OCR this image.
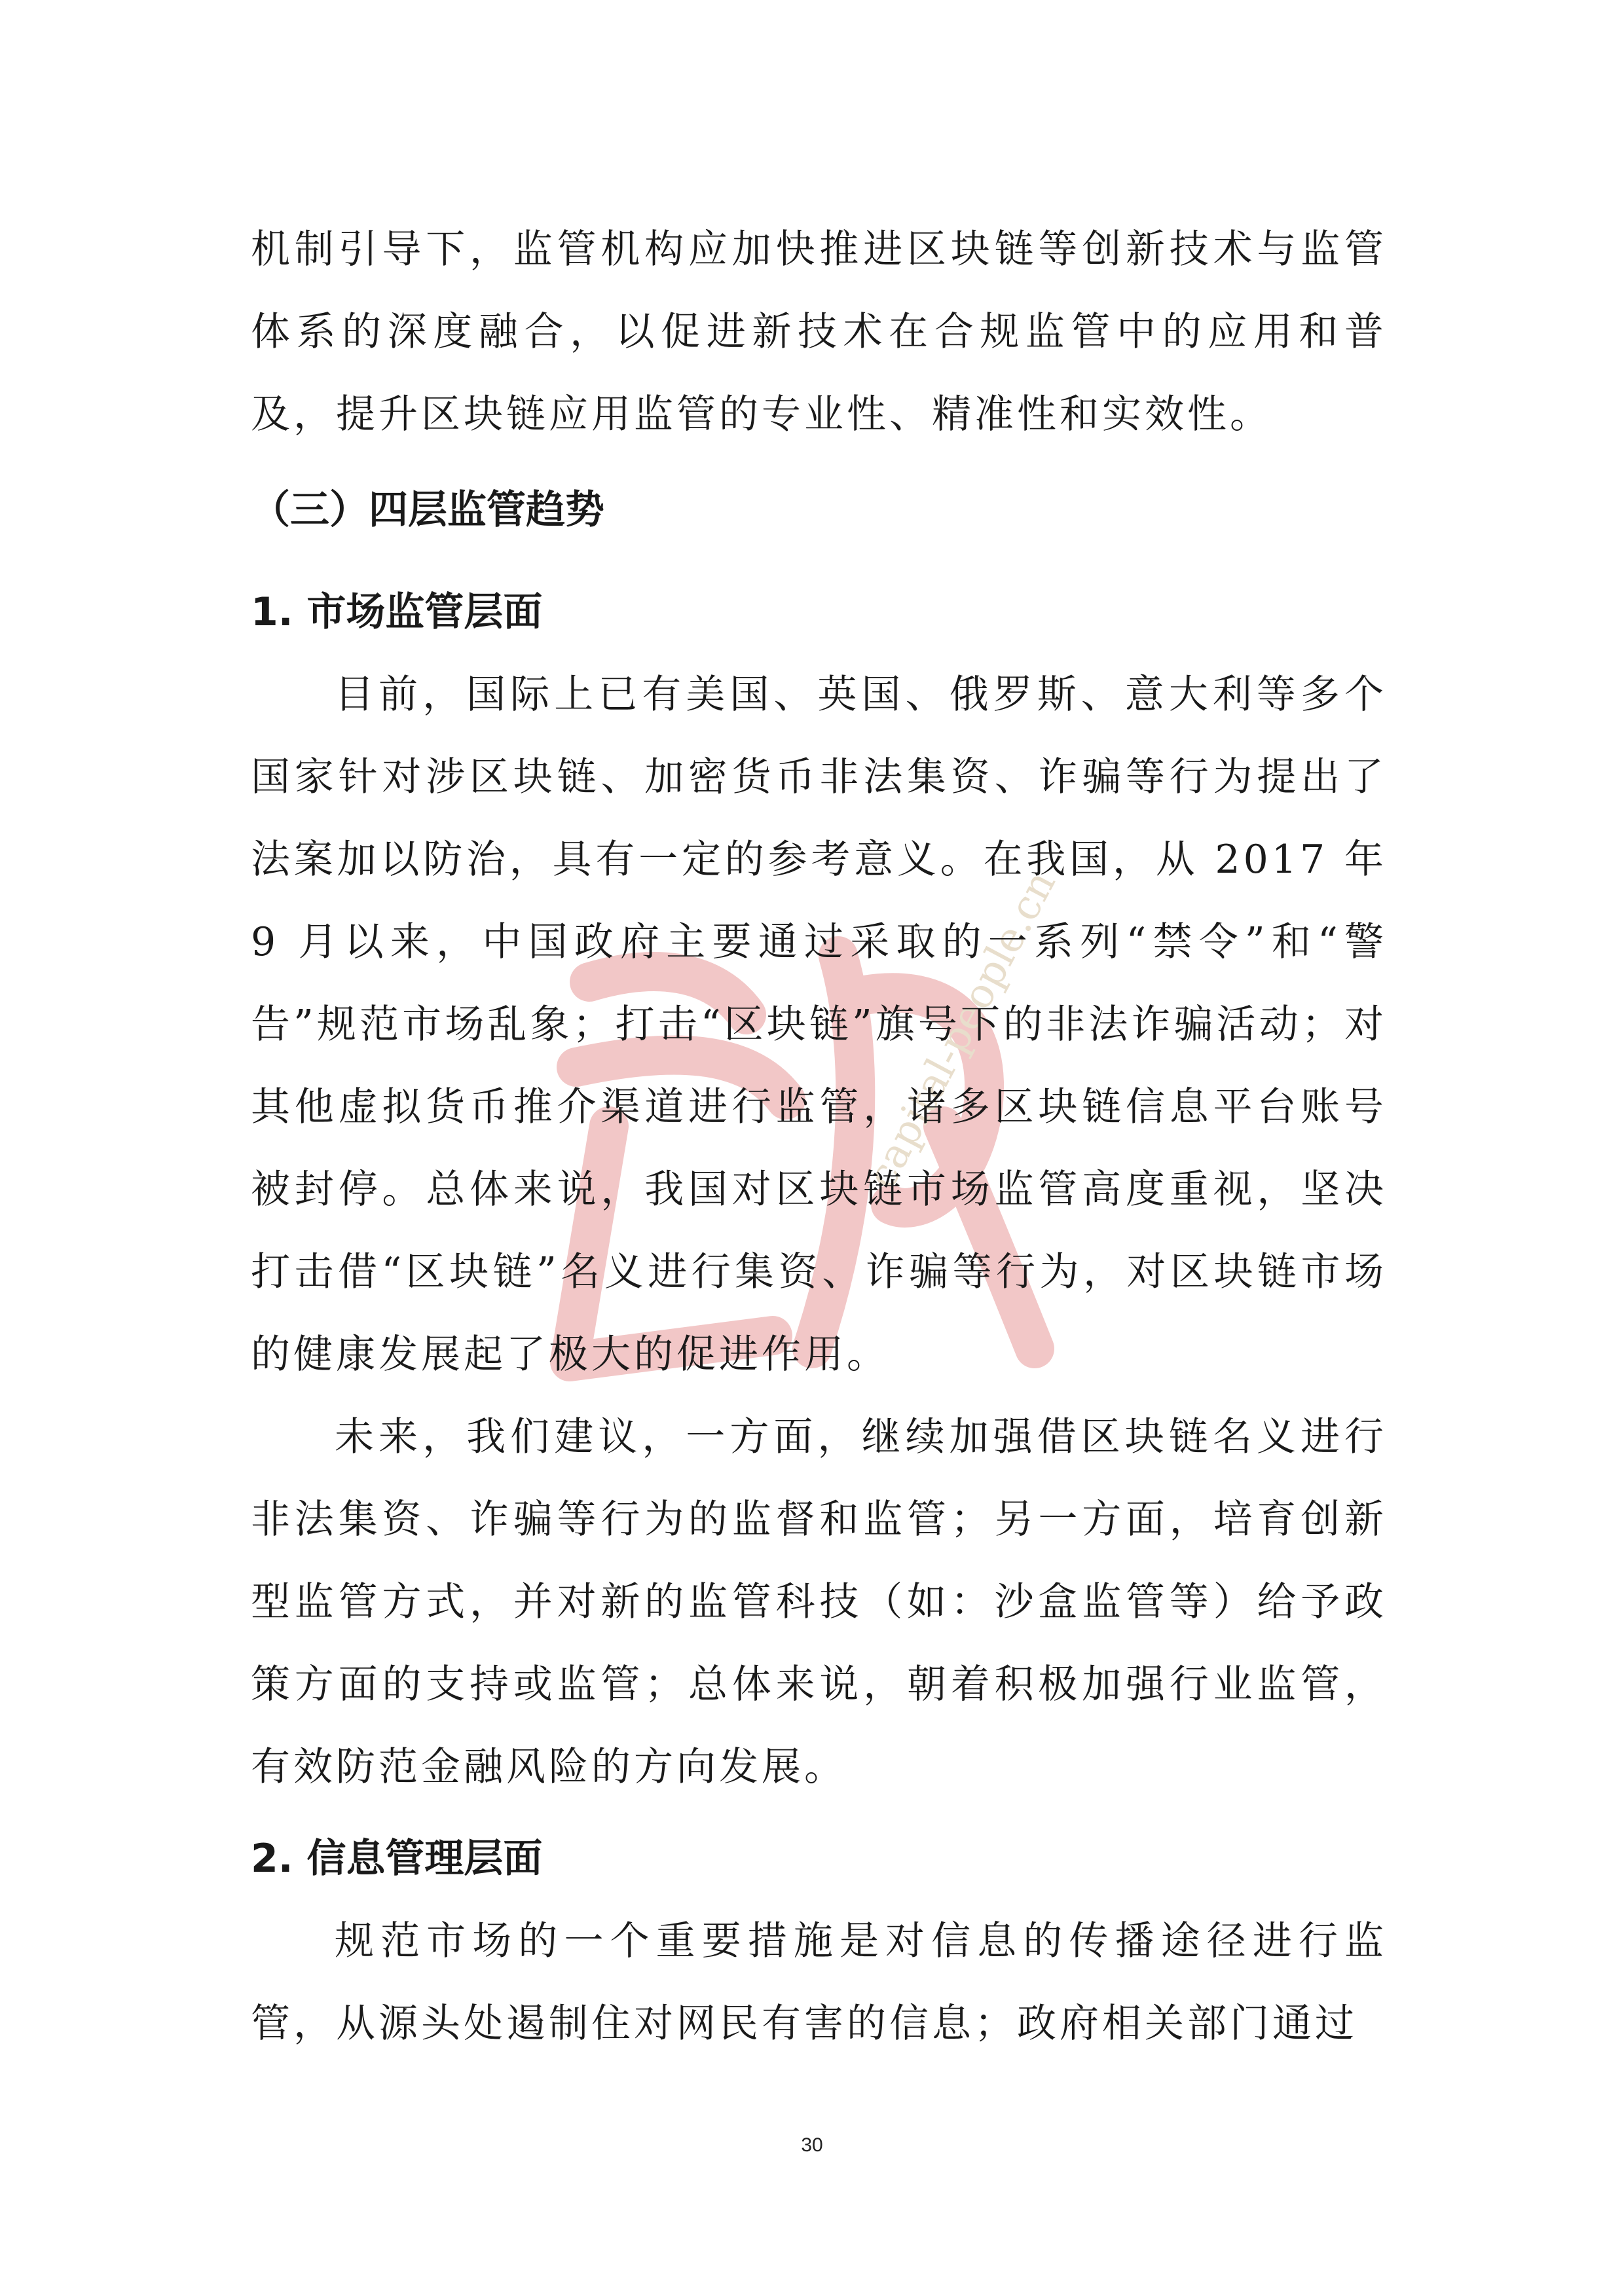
capital-people.cn

机制引导下，监管机构应加快推进区块链等创新技术与监管体系的深度融合，以促进新技术在合规监管中的应用和普及，提升区块链应用监管的专业性、精准性和实效性。

（三）四层监管趋势
1. 市场监管层面

目前，国际上已有美国、英国、俄罗斯、意大利等多个国家针对涉区块链、加密货币非法集资、诈骗等行为提出了法案加以防治，具有一定的参考意义。在我国，从 2017 年 9 月以来，中国政府主要通过采取的一系列“禁令”和“警告”规范市场乱象；打击“区块链”旗号下的非法诈骗活动；对其他虚拟货币推介渠道进行监管，诸多区块链信息平台账号被封停。总体来说，我国对区块链市场监管高度重视，坚决打击借“区块链”名义进行集资、诈骗等行为，对区块链市场的健康发展起了极大的促进作用。

未来，我们建议，一方面，继续加强借区块链名义进行非法集资、诈骗等行为的监督和监管；另一方面，培育创新型监管方式，并对新的监管科技（如：沙盒监管等）给予政策方面的支持或监管；总体来说，朝着积极加强行业监管，有效防范金融风险的方向发展。

2. 信息管理层面

规范市场的一个重要措施是对信息的传播途径进行监管，从源头处遏制住对网民有害的信息；政府相关部门通过

30
